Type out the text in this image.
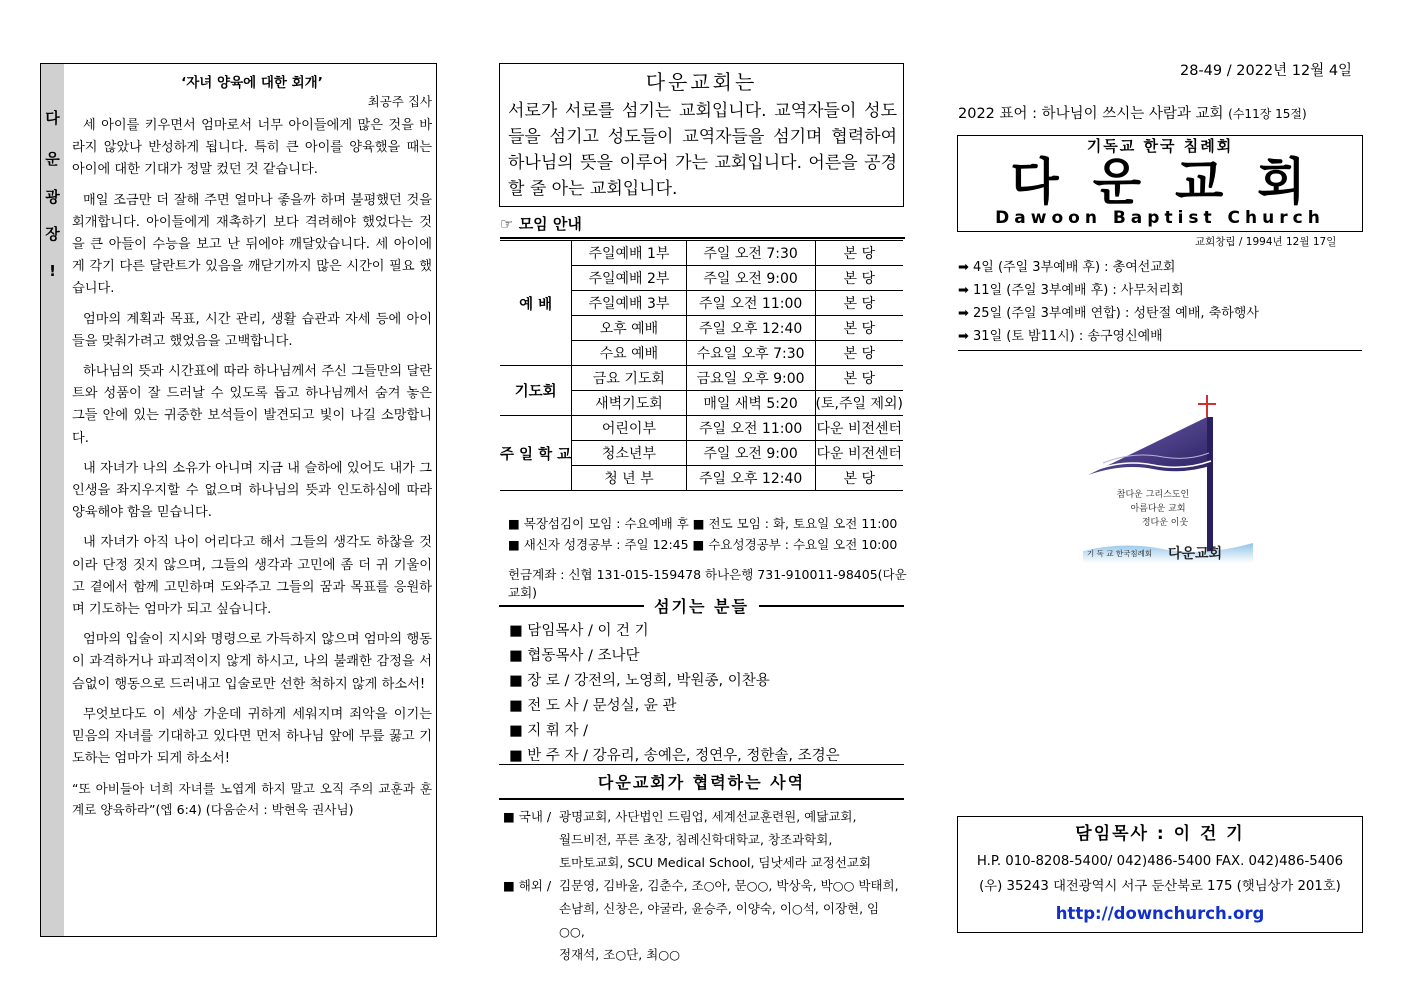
다
운
광
장
!
‘자녀 양육에 대한 회개’
최공주 집사

세 아이를 키우면서 엄마로서 너무 아이들에게 많은 것을 바라지 않았나 반성하게 됩니다. 특히 큰 아이를 양육했을 때는 아이에 대한 기대가 정말 컸던 것 같습니다.

매일 조금만 더 잘해 주면 얼마나 좋을까 하며 불평했던 것을 회개합니다. 아이들에게 재촉하기 보다 격려해야 했었다는 것을 큰 아들이 수능을 보고 난 뒤에야 깨달았습니다. 세 아이에게 각기 다른 달란트가 있음을 깨닫기까지 많은 시간이 필요 했습니다.

엄마의 계획과 목표, 시간 관리, 생활 습관과 자세 등에 아이들을 맞춰가려고 했었음을 고백합니다.

하나님의 뜻과 시간표에 따라 하나님께서 주신 그들만의 달란트와 성품이 잘 드러날 수 있도록 돕고 하나님께서 숨겨 놓은 그들 안에 있는 귀중한 보석들이 발견되고 빛이 나길 소망합니다.

내 자녀가 나의 소유가 아니며 지금 내 슬하에 있어도 내가 그 인생을 좌지우지할 수 없으며 하나님의 뜻과 인도하심에 따라 양육해야 함을 믿습니다.

내 자녀가 아직 나이 어리다고 해서 그들의 생각도 하찮을 것이라 단정 짓지 않으며, 그들의 생각과 고민에 좀 더 귀 기울이고 곁에서 함께 고민하며 도와주고 그들의 꿈과 목표를 응원하며 기도하는 엄마가 되고 싶습니다.

엄마의 입술이 지시와 명령으로 가득하지 않으며 엄마의 행동이 과격하거나 파괴적이지 않게 하시고, 나의 불쾌한 감정을 서슴없이 행동으로 드러내고 입술로만 선한 척하지 않게 하소서!

무엇보다도 이 세상 가운데 귀하게 세워지며 죄악을 이기는 믿음의 자녀를 기대하고 있다면 먼저 하나님 앞에 무릎 꿇고 기도하는 엄마가 되게 하소서!

“또 아비들아 너희 자녀를 노엽게 하지 말고 오직 주의 교훈과 훈계로 양육하라”(엡 6:4) (다움순서 : 박현욱 권사님)

다운교회는
서로가 서로를 섬기는 교회입니다. 교역자들이 성도들을 섬기고 성도들이 교역자들을 섬기며 협력하여 하나님의 뜻을 이루어 가는 교회입니다. 어른을 공경할 줄 아는 교회입니다.
☞ 모임 안내
예 배	주일예배 1부	주일 오전 7:30	본 당
	주일예배 2부	주일 오전 9:00	본 당
	주일예배 3부	주일 오전 11:00	본 당
	오후 예배	주일 오후 12:40	본 당
	수요 예배	수요일 오후 7:30	본 당
기도회	금요 기도회	금요일 오후 9:00	본 당
	새벽기도회	매일 새벽 5:20	(토,주일 제외)
주 일 학 교	어린이부	주일 오전 11:00	다운 비전센터
	청소년부	주일 오전 9:00	다운 비전센터
	청 년 부	주일 오후 12:40	본 당
■ 목장섬김이 모임 : 수요예배 후 ■ 전도 모임 : 화, 토요일 오전 11:00
■ 새신자 성경공부 : 주일 12:45 ■ 수요성경공부 : 수요일 오전 10:00
헌금계좌 : 신협 131-015-159478 하나은행 731-910011-98405(다운교회)
섬기는 분들
■ 담임목사 / 이 건 기
■ 협동목사 / 조나단
■ 장 로 / 강전의, 노영희, 박원종, 이찬용
■ 전 도 사 / 문성실, 윤 관
■ 지 휘 자 /
■ 반 주 자 / 강유리, 송예은, 정연우, 정한솔, 조경은
다운교회가 협력하는 사역
■ 국내 / 광명교회, 사단법인 드림업, 세계선교훈련원, 예닮교회,
월드비전, 푸른 초장, 침례신학대학교, 창조과학회,
토마토교회, SCU Medical School, 딤낫세라 교정선교회
■ 해외 / 김문영, 김바울, 김춘수, 조○아, 문○○, 박상욱, 박○○ 박태희,
손남희, 신창은, 야굴라, 윤승주, 이양숙, 이○석, 이장현, 임○○,
정재석, 조○단, 최○○
28-49 / 2022년 12월 4일
2022 표어 : 하나님이 쓰시는 사람과 교회 (수11장 15절)
기독교 한국 침례회
다운교회
Dawoon Baptist Church
교회창립 / 1994년 12월 17일
➡ 4일 (주일 3부예배 후) : 총여선교회
➡ 11일 (주일 3부예배 후) : 사무처리회
➡ 25일 (주일 3부예배 연합) : 성탄절 예배, 축하행사
➡ 31일 (토 밤11시) : 송구영신예배
참다운 그리스도인
아름다운 교회
정다운 이웃
기 독 교 한국침례회 다운교회
담임목사 : 이 건 기
H.P. 010-8208-5400/ 042)486-5400 FAX. 042)486-5406
(우) 35243 대전광역시 서구 둔산북로 175 (햇님상가 201호)
http://downchurch.org
